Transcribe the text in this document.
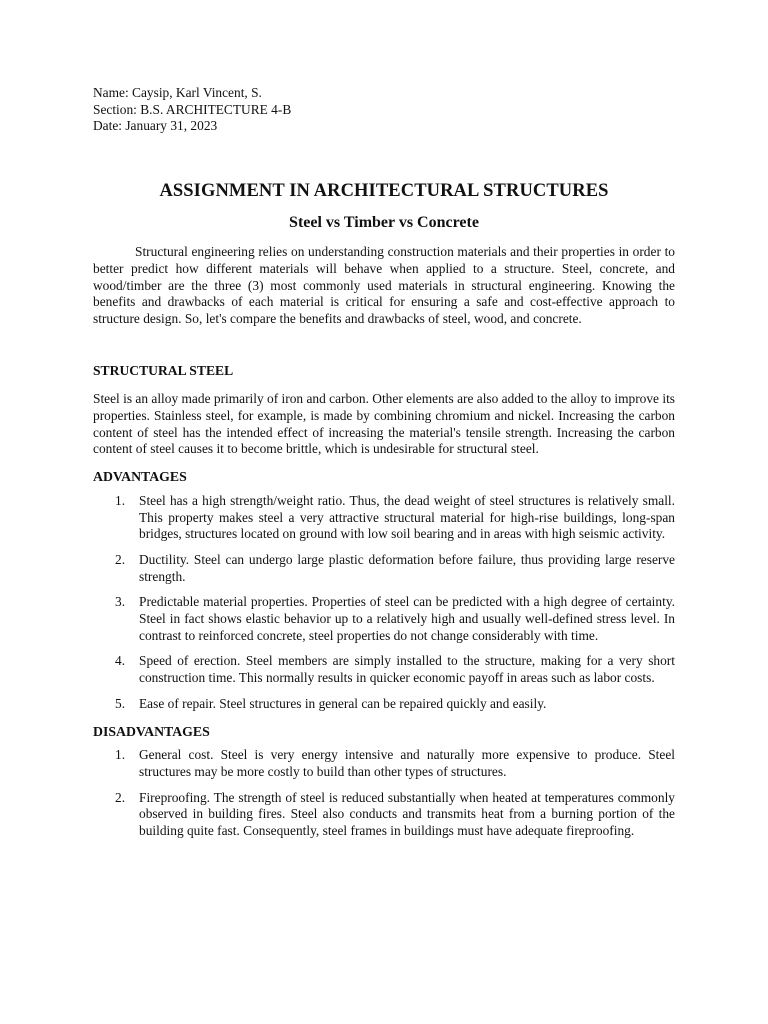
Name: Caysip, Karl Vincent, S.

Section: B.S. ARCHITECTURE 4-B

Date: January 31, 2023

ASSIGNMENT IN ARCHITECTURAL STRUCTURES
Steel vs Timber vs Concrete

Structural engineering relies on understanding construction materials and their properties in order to better predict how different materials will behave when applied to a structure. Steel, concrete, and wood/timber are the three (3) most commonly used materials in structural engineering. Knowing the benefits and drawbacks of each material is critical for ensuring a safe and cost-effective approach to structure design. So, let's compare the benefits and drawbacks of steel, wood, and concrete.

STRUCTURAL STEEL

Steel is an alloy made primarily of iron and carbon. Other elements are also added to the alloy to improve its properties. Stainless steel, for example, is made by combining chromium and nickel. Increasing the carbon content of steel has the intended effect of increasing the material's tensile strength. Increasing the carbon content of steel causes it to become brittle, which is undesirable for structural steel.

ADVANTAGES
1. Steel has a high strength/weight ratio. Thus, the dead weight of steel structures is relatively small. This property makes steel a very attractive structural material for high-rise buildings, long-span bridges, structures located on ground with low soil bearing and in areas with high seismic activity.
2. Ductility. Steel can undergo large plastic deformation before failure, thus providing large reserve strength.
3. Predictable material properties. Properties of steel can be predicted with a high degree of certainty. Steel in fact shows elastic behavior up to a relatively high and usually well-defined stress level. In contrast to reinforced concrete, steel properties do not change considerably with time.
4. Speed of erection. Steel members are simply installed to the structure, making for a very short construction time. This normally results in quicker economic payoff in areas such as labor costs.
5. Ease of repair. Steel structures in general can be repaired quickly and easily.
DISADVANTAGES
1. General cost. Steel is very energy intensive and naturally more expensive to produce. Steel structures may be more costly to build than other types of structures.
2. Fireproofing. The strength of steel is reduced substantially when heated at temperatures commonly observed in building fires. Steel also conducts and transmits heat from a burning portion of the building quite fast. Consequently, steel frames in buildings must have adequate fireproofing.
